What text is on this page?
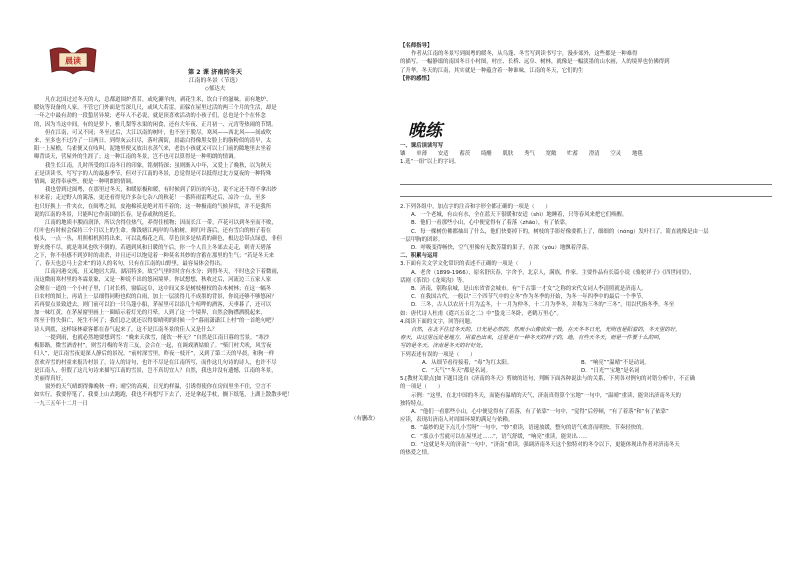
晨读
第 2 课 济南的冬天
江南的冬景（节选）
◇郁达夫
凡在北国过过冬天的人，总都道围炉煮茗，或吃涮羊肉，剥花生米，饮白干的滋味。而有地炉、
暖炕等设备的人家，不管它门外面是雪深几尺，或风大若雷，而躲在屋里过活的两三个月的生活，却是
一年之中最有劲的一段蛰居异境；老年人不必说，就是顶喜欢活动的小孩子们，总也是个个在怀念
的，因为当这中间，有的是萝卜，雅儿梨等水果的闲食，还有大年夜、正月初一、元宵等热闹的节期。
但在江南，可又不同；冬至过后，大江以南的树叶，也不至于脱尽。寒风——西北风——间或吹
来，至多也不过冷了一日两日。到得灰云扫尽，落叶满街，晨霜白得像黑女脸上的脂粉似的清早，太
阳一上屋檐，鸟雀便又在吱叫，泥地里便又放出水蒸气来，老翁小孩就又可以上门前的隙地里去坐着
曝背谈天，营屋外的生涯了；这一种江南的冬景，岂不也可以算得是一种明朗的情调。
我生长江南，儿时所受的江南冬日的印象，铭刻特深；虽则渐入中年，又爱上了晚秋，以为秋天
正是读读书，写写字的人的最惠季节，但对于江南的冬景，总觉得是可以抵得过北方夏夜的一种特殊
情调，说得奉承些，便是一种明朗的情调。
我也曾到过闽粤，在那里过冬天，和暖原极和暖，有时候到了阴历的年边，说不定还不得不拿出纱
衫来着；走过野人的篱落，更还看得见许多杂七杂八的秋花！一番阵雨雷鸣过后，凉冷一点，至多
也只好换上一件夹衣，在闽粤之间，皮袍棉袄是绝对用不着的；这一种极南的气候异状，并不是我所
说的江南的冬景，只能叫它作南国的长春，是春或秋的延长。
江南的地质丰腴而润泽，所以含得住热气，养得住植物；因而长江一带，芦花可以到冬至而不败，
红叶也有时候会保持三个月以上的生命。像钱塘江两岸的乌桕树，则红叶落后，还有雪白的桕子着在
枝头，一点一丛，用照相机照将出来，可以乱梅花之真。草色顶多是枯黄的颜色，根边总带点绿意，非但
野火烧不尽，就是寒风也吹不倒的。若遇到风和日暖的午后，你一个人肯上冬郊去走走，则青天碧落
之下，你不但感不到岁时的肃杀，并且还可以饱觉着一种莫名其妙的含蓄在那里的生气；“若是冬天来
了，春天也总马上会来”的诗人的名句，只有在江南的山野里，最容易体会得出。
江南河港交流，且又地居大海，湖沼特多，故空气里时时含有水分；到得冬天，不时也会下着微雨，
而这微雨寒村里的冬霖景象，又是一种说不出的悠闲境界。你试想想，秋收过后，河流边三五家人家
会聚在一道的一个小村子里，门对长桥，窗临远阜，这中间又多是树枝桠杈的杂木树林；在这一幅冬
日农村的图上，再请上一层细得同粉也似的白雨，加上一层淡得几不成墨的背景，你说还够不够悠闲？
若再要点景致进去，则门前可以泊一只乌篷小船，茅屋里可以添几个喧哗的酒客，天垂暮了，还可以
加一味红黄，在茅屋窗里画上一圈暗示着灯光的月晕。人到了这一个境界，自然会胸襟洒脱起来，
终至于得失俱亡，死生不问了；我们总之就还以得要晴明的时候一个“暮雨潇潇江上村”的一首绝句吧？
诗人到底，这样绿林豪客都在春气起来了，这不是江南冬景的佳人又是什么？
一提到雨，也就必然地要想到雪：“晚来天欲雪，能饮一杯无？”自然是江南日暮的雪景。“寒沙
梅影路，微雪酒香村”，则雪月梅的冬宵三友，会合在一起，在调戏酒姑娘了。“柴门村犬吠，风雪夜
归人”，是江南雪夜更深人静后的景况。“前村深雪里，昨夜一枝开”，又到了第二天的早晨，和狗一样
喜欢弄雪的村童来报告村景了。诗人的诗句，也许不尽是在江南所写，而作这几句诗的诗人，也许不尽
是江南人，但假了这几句诗来描写江南的雪景，岂不真切宜人？自然，我也并没有遗憾，江南的冬景，
美丽得真好。
窗外的天气晴朗得像晚秋一样；晴空的高爽，日光的样温，引诱得使你在房间里坐不住，空言不
如实行，我要停笔了，我要上山去跑跑，我也不再想写下去了，还是拿起手杖，搁下纸笔，上湖上散散步吧！
一九三五年十二月一日
（有删改）
【名师指导】
作者从江南的冬景写到闽粤的暖冬，从乌蓬、冬雪写到读书写字，漫步郊外，这些都是一种难得
的描写。一幅静谧的南国冬日小村图，村庄、长桥、远阜、树林，就像是一幅淡墨的山水画，人的境界也仿佛得到
了升华。冬天的江南，其实就是一种蕴含着一种谁味，江南的冬天，它们的生
【你的感悟】
晚练
一、课后读读写写
镶   单薄   安适   蓄茨   绮醋   肌肤   秀气   宽敞   贮蓄   澄清   空灵   地毯
1.选“一组”以上的字词。
2.下列各组中，加点字的注音和字形全都正确的一项是（　　）
A．一个老城，有山有水，全在蓝天下很暖和安适（shì）地睡着，只等春风来把它们唤醒。
B．他们一看那些小山，心中便觉得有了着落（zhāo），有了依靠。
C．每一棵树仿佛都抽出了什么，他们快要掉下的，树枝的手影好像要抓上了，细细的（nóng）发叶扫了，简直就像是由一层
一层甲胸的团彩。
D．呼吸变得畅快，空气里像有无数芳甜的果子，在浓（yóu）地飘着浮荡。
二、积累与运用
3.下面有关文学文化常识的表述不正确的一项是（　　）
A．老舍（1899-1966），原名舒庆春，字舍予，北京人，满族，作家。主要作品有长篇小说《骆驼祥子》《四世同堂》，
话剧《茶馆》《龙须沟》等。
B．济南，别称泉城，是山东省省会城市。有“千古第一才女”之称的宋代女词人李清照就是济南人。
C．在我国古代，一般以“三个四节气中的立冬”作为冬季的开始，为冬一年四季中的最后一个季节。
D．三冬，古人以农历十月为孟冬，十一月为仲冬，十二月为季冬，并称为三冬的“三冬”，用以代指冬季。冬至
如：唐代诗人杜甫《遣兴五首之二》中“蛰龙三冬卧，老鹤万里心”。
4.阅读下面的文字，回答问题。
自然，在北平住过冬天的，日光是必然的，然而小山像依依一般，在天冬冬日光，光明也是阳着的，冬天里的好，
春天，由这里远处是地方，用着色出来，这里是有一种冬天的样子的，地，有些天冬天，而是一件要十么的叫，
写的是冬天。济南是冬天的好好处。
下列表述有误的一项是（　　）
A．从细节看待接着，“毒”为红太阳。	B．“响亮”“温晴”不是动词。
C．“天气”“冬天”都是名词。	D．“日光”“宝地”是名词
5.[教材关联点]如下题目选自《济南的冬天》剪映的语句，判断下面各种说法与的关系，下列各对例句的对错分析中，不正确
的一项是（　　）
示例：“这里，在北中国的冬天，而能有温晴的天气，济南真得算个宝地”一句中，“温晴”重读，能突出济南冬天的
独特特点。
A．“他们一看那些小山，心中便觉得有了着落，有了依靠”一句中，“觉得”后停顿，“有了着落”和“有了依靠”
应读，表现出济南人对周围环境的满足与依赖。
B．“最妙的是下点儿小雪呀”一句中，“妙”重读，语速放缓，整句的语气欢喜而明快，节奏轻快的。
C．“那点小雪就可以在屋里过……”，语气舒缓，“响亮”重读，能突出……
D．“这就是冬天的济南”一句中，“济南”重读，强调济南冬天这个独特对的冬令以下，更能体现出作者对济南冬天
的热爱之情。
